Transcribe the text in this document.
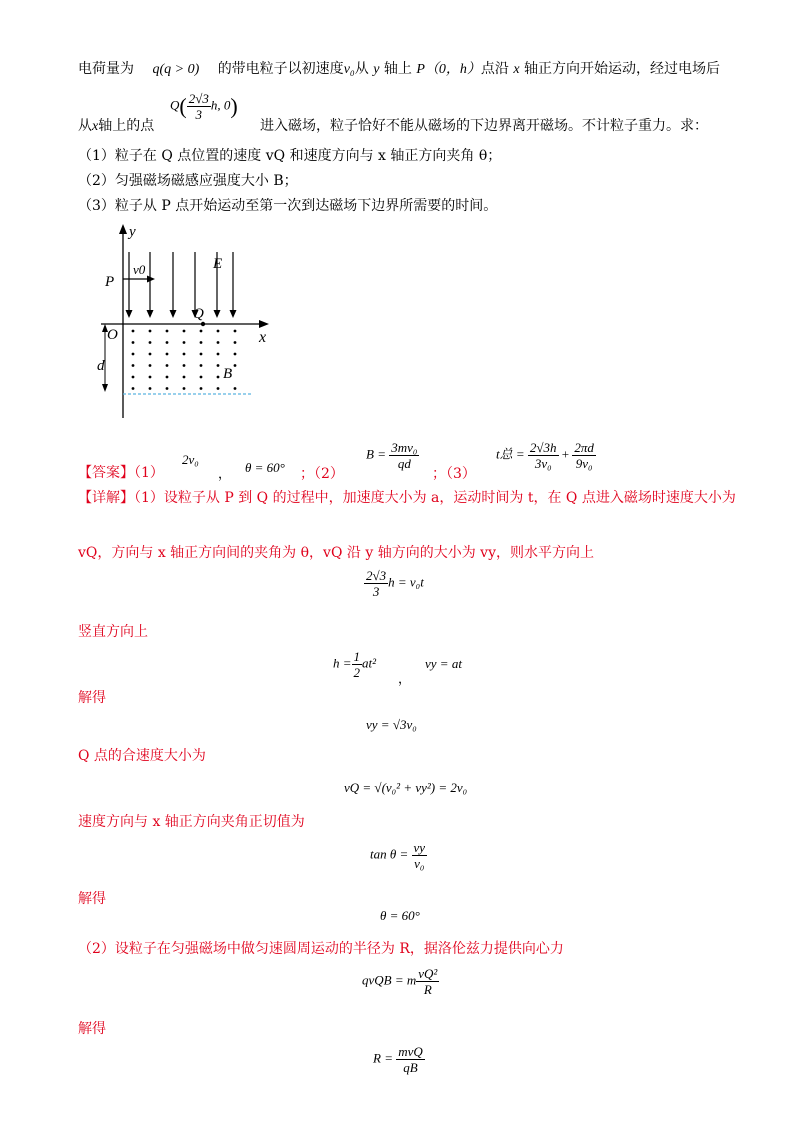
电荷量为 q(q > 0) 的带电粒子以初速度v₀从 y 轴上 P（0，h）点沿 x 轴正方向开始运动，经过电场后
从x轴上的点
$Q( \frac{2√3}{3} h$, 0)
进入磁场，粒子恰好不能从磁场的下边界离开磁场。不计粒子重力。求：
（1）粒子在 Q 点位置的速度 vQ 和速度方向与 x 轴正方向夹角 θ；
（2）匀强磁场磁感应强度大小 B；
（3）粒子从 P 点开始运动至第一次到达磁场下边界所需要的时间。
y
x
O
P
v0	E
Q
d	B
【答案】（1）
2v₀
， θ = 60° ；（2）
$B = \frac{\text{3mv₀}}{qd}$
；（3）
t总 = $\frac{2√3h}{\text{3v₀}} + \frac{2\pi d}{\text{9v₀}}$
【详解】（1）设粒子从 P 到 Q 的过程中，加速度大小为 a，运动时间为 t，在 Q 点进入磁场时速度大小为
vQ，方向与 x 轴正方向间的夹角为 θ，vQ 沿 y 轴方向的大小为 vy，则水平方向上
$\frac{2√3}{3}$ h = v₀t
竖直方向上
$h = \frac{1}{2} at^2$
，
vy = at
解得
vy = √3v₀
Q 点的合速度大小为
vQ = √(v₀² + vy²) = 2v₀
速度方向与 x 轴正方向夹角正切值为
$\tan \theta = \frac{vy}{\text{v₀}}$
解得
θ = 60°
（2）设粒子在匀强磁场中做匀速圆周运动的半径为 R，据洛伦兹力提供向心力
qvQB = m $\frac{\text{vQ²}}{R}$
解得
$R = \frac{\text{mvQ}}{qB}$
